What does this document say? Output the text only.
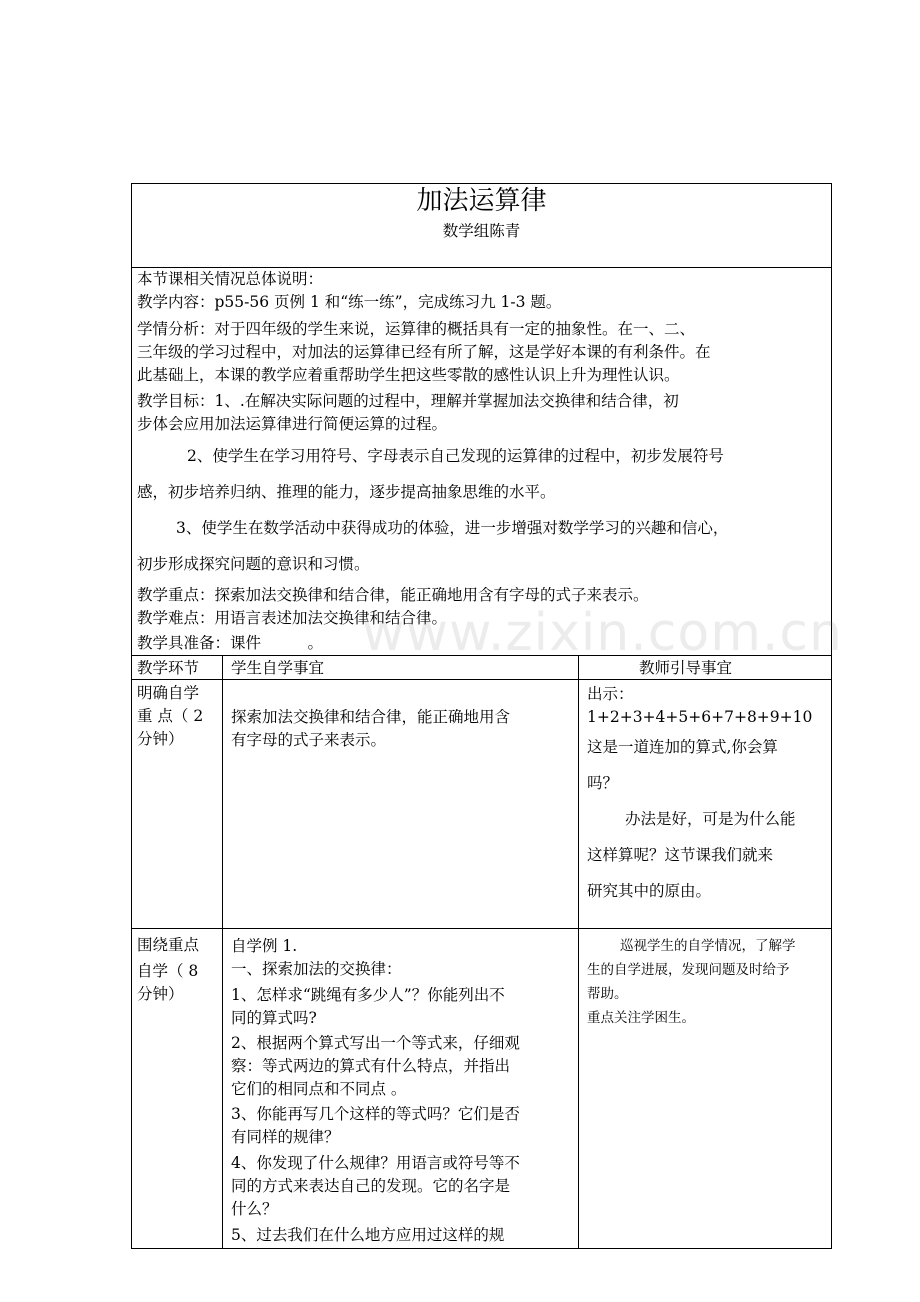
加法运算律
数学组陈青
本节课相关情况总体说明：
教学内容：p55-56 页例 1 和“练一练”，完成练习九 1-3 题。
学情分析：对于四年级的学生来说，运算律的概括具有一定的抽象性。在一、二、
三年级的学习过程中，对加法的运算律已经有所了解，这是学好本课的有利条件。在
此基础上，本课的教学应着重帮助学生把这些零散的感性认识上升为理性认识。
教学目标：1、.在解决实际问题的过程中，理解并掌握加法交换律和结合律，初
步体会应用加法运算律进行简便运算的过程。
2、使学生在学习用符号、字母表示自己发现的运算律的过程中，初步发展符号
感，初步培养归纳、推理的能力，逐步提高抽象思维的水平。
3、使学生在数学活动中获得成功的体验，进一步增强对数学学习的兴趣和信心，
初步形成探究问题的意识和习惯。
教学重点：探索加法交换律和结合律，能正确地用含有字母的式子来表示。
教学难点：用语言表述加法交换律和结合律。
教学具准备：课件　　　。
教学环节 学生自学事宜	教师引导事宜
明确自学
重 点（ 2
分钟）
探索加法交换律和结合律，能正确地用含
有字母的式子来表示。
出示：
1+2+3+4+5+6+7+8+9+10
这是一道连加的算式,你会算
吗？
办法是好，可是为什么能
这样算呢？这节课我们就来
研究其中的原由。
围绕重点
自学（ 8
分钟）
自学例 1.
一、探索加法的交换律：
1、怎样求“跳绳有多少人”？你能列出不
同的算式吗?
2、根据两个算式写出一个等式来，仔细观
察：等式两边的算式有什么特点，并指出
它们的相同点和不同点 。
3、你能再写几个这样的等式吗？它们是否
有同样的规律？
4、你发现了什么规律？用语言或符号等不
同的方式来表达自己的发现。它的名字是
什么？
5、过去我们在什么地方应用过这样的规
巡视学生的自学情况，了解学
生的自学进展，发现问题及时给予
帮助。
重点关注学困生。
www.zixin.com.cn
